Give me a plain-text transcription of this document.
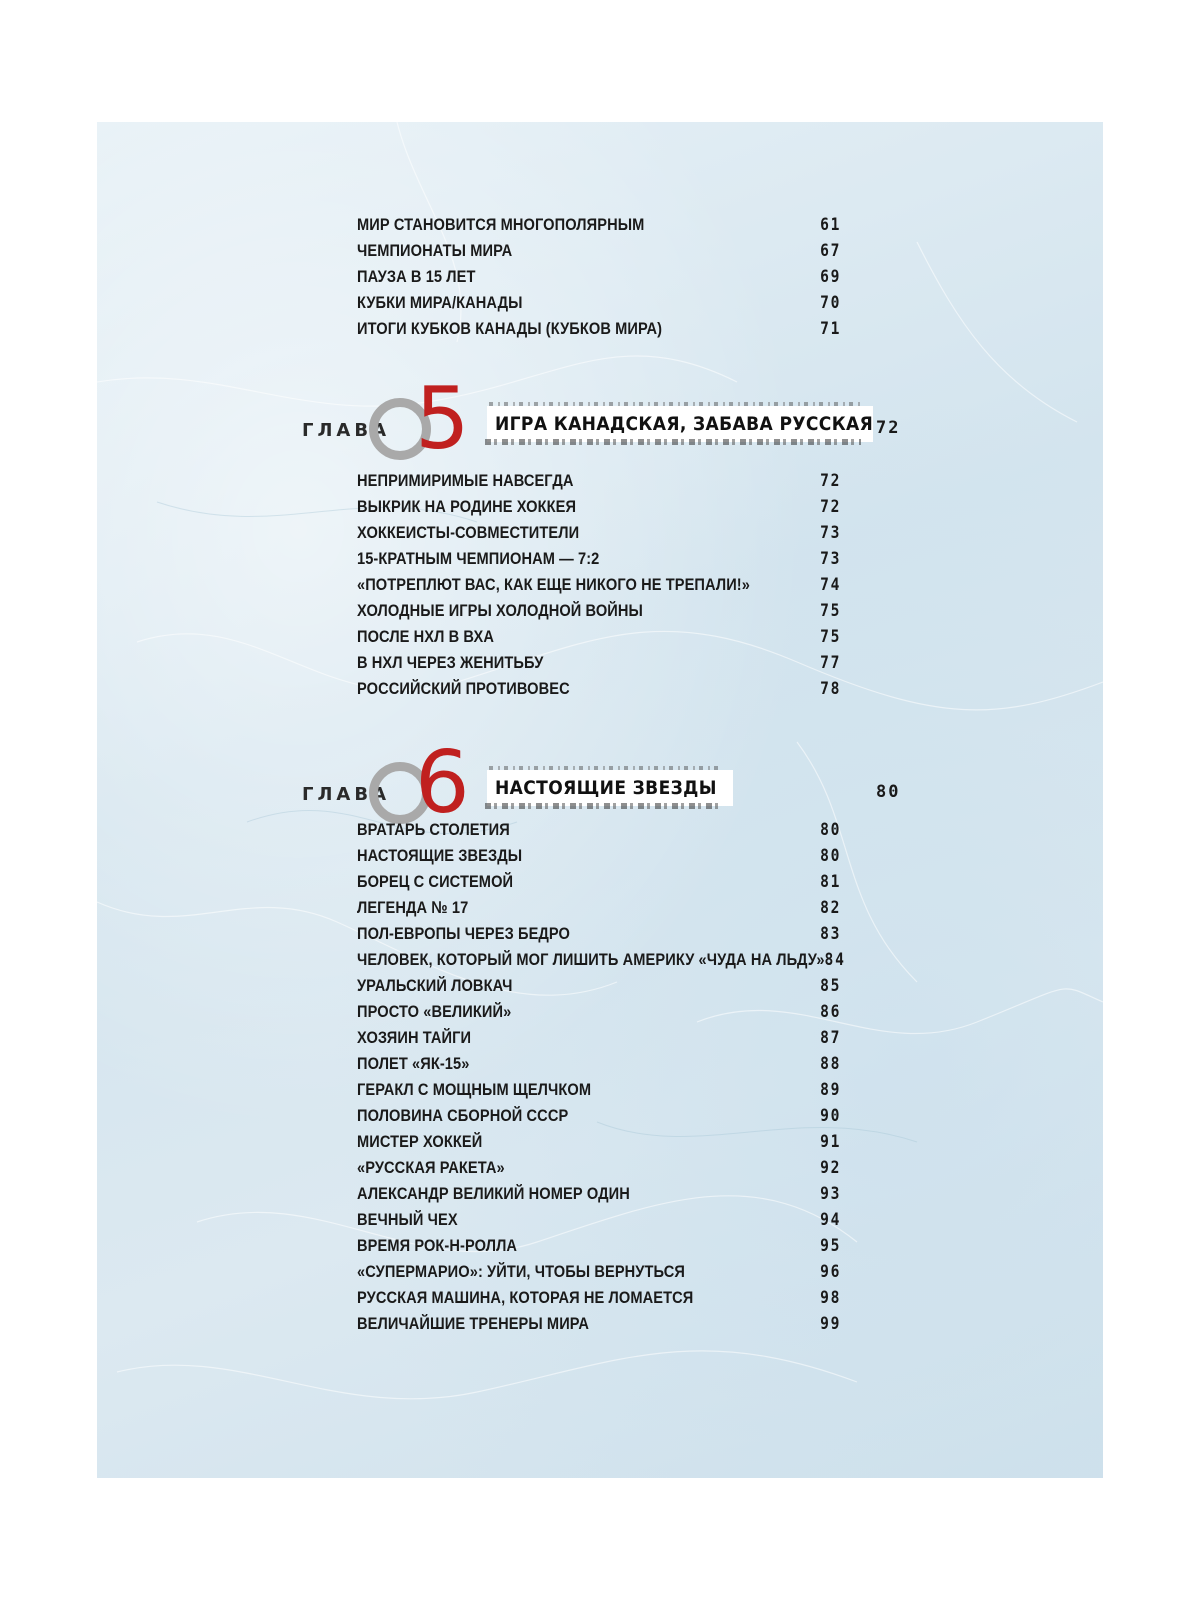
МИР СТАНОВИТСЯ МНОГОПОЛЯРНЫМ	61
ЧЕМПИОНАТЫ МИРА	67
ПАУЗА В 15 ЛЕТ	69
КУБКИ МИРА/КАНАДЫ	70
ИТОГИ КУБКОВ КАНАДЫ (КУБКОВ МИРА)	71
ГЛАВА 5 ИГРА КАНАДСКАЯ, ЗАБАВА РУССКАЯ 72
НЕПРИМИРИМЫЕ НАВСЕГДА	72
ВЫКРИК НА РОДИНЕ ХОККЕЯ	72
ХОККЕИСТЫ-СОВМЕСТИТЕЛИ	73
15-КРАТНЫМ ЧЕМПИОНАМ — 7:2	73
«ПОТРЕПЛЮТ ВАС, КАК ЕЩЕ НИКОГО НЕ ТРЕПАЛИ!»	74
ХОЛОДНЫЕ ИГРЫ ХОЛОДНОЙ ВОЙНЫ	75
ПОСЛЕ НХЛ В ВХА	75
В НХЛ ЧЕРЕЗ ЖЕНИТЬБУ	77
РОССИЙСКИЙ ПРОТИВОВЕС	78
ГЛАВА 6 НАСТОЯЩИЕ ЗВЕЗДЫ	80
ВРАТАРЬ СТОЛЕТИЯ	80
НАСТОЯЩИЕ ЗВЕЗДЫ	80
БОРЕЦ С СИСТЕМОЙ	81
ЛЕГЕНДА № 17	82
ПОЛ-ЕВРОПЫ ЧЕРЕЗ БЕДРО	83
ЧЕЛОВЕК, КОТОРЫЙ МОГ ЛИШИТЬ АМЕРИКУ «ЧУДА НА ЛЬДУ» 84
УРАЛЬСКИЙ ЛОВКАЧ	85
ПРОСТО «ВЕЛИКИЙ»	86
ХОЗЯИН ТАЙГИ	87
ПОЛЕТ «ЯК-15»	88
ГЕРАКЛ С МОЩНЫМ ЩЕЛЧКОМ	89
ПОЛОВИНА СБОРНОЙ СССР	90
МИСТЕР ХОККЕЙ	91
«РУССКАЯ РАКЕТА»	92
АЛЕКСАНДР ВЕЛИКИЙ НОМЕР ОДИН	93
ВЕЧНЫЙ ЧЕХ	94
ВРЕМЯ РОК-Н-РОЛЛА	95
«СУПЕРМАРИО»: УЙТИ, ЧТОБЫ ВЕРНУТЬСЯ	96
РУССКАЯ МАШИНА, КОТОРАЯ НЕ ЛОМАЕТСЯ	98
ВЕЛИЧАЙШИЕ ТРЕНЕРЫ МИРА	99
